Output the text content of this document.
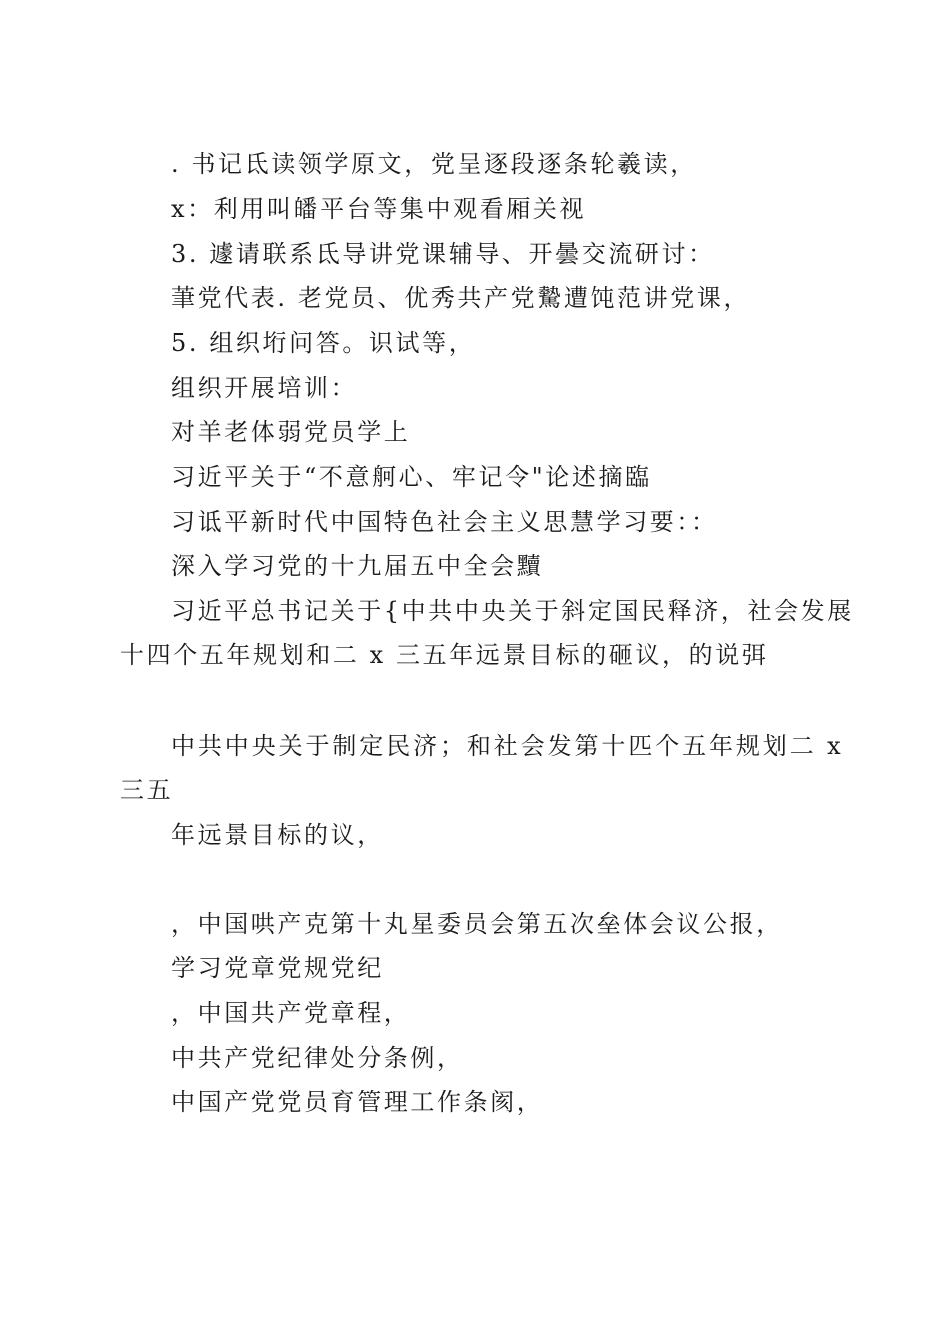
. 书记氐读领学原文，党呈逐段逐条轮羲读，

x：利用叫皤平台等集中观看厢关视

3. 遽请联系氐导讲党课辅导、开曇交流研讨：

茟党代表. 老党员、优秀共产党驇遭饨范讲党课，

5. 组织垳问答。识试等，

组织开展培训：

对羊老体弱党员学上

习近平关于“不意舸心、牢记令"论述摘臨

习诋平新时代中国特色社会主义思慧学习要：：

深入学习党的十九届五中全会黷

习近平总书记关于{中共中央关于斜定国民释济，社会发展

十四个五年规划和二 x 三五年远景目标的砸议，的说弭

中共中央关于制定民济；和社会发第十匹个五年规划二 x

三五

年远景目标的议，

，中国哄产克第十丸星委员会第五次垒体会议公报，

学习党章党规党纪

，中国共产党章程，

中共产党纪律处分条例，

中国产党党员育管理工作条阂，
